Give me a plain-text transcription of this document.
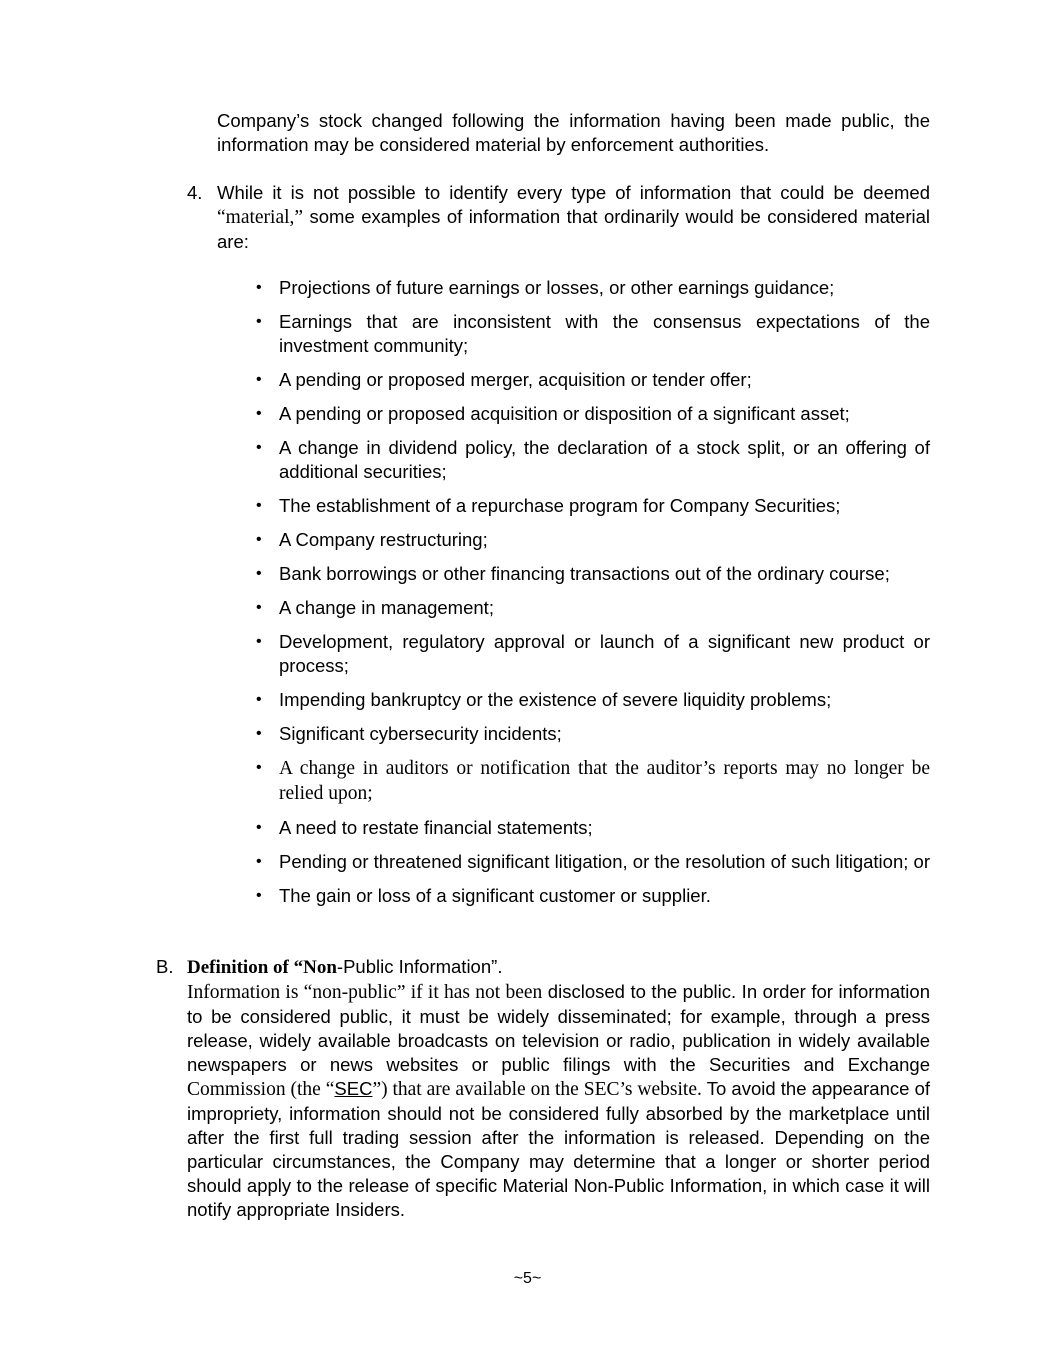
Company’s stock changed following the information having been made public, the information may be considered material by enforcement authorities.

4. While it is not possible to identify every type of information that could be deemed “material,” some examples of information that ordinarily would be considered material are:
• Projections of future earnings or losses, or other earnings guidance;
• Earnings that are inconsistent with the consensus expectations of the investment community;
• A pending or proposed merger, acquisition or tender offer;
• A pending or proposed acquisition or disposition of a significant asset;
• A change in dividend policy, the declaration of a stock split, or an offering of additional securities;
• The establishment of a repurchase program for Company Securities;
• A Company restructuring;
• Bank borrowings or other financing transactions out of the ordinary course;
• A change in management;
• Development, regulatory approval or launch of a significant new product or process;
• Impending bankruptcy or the existence of severe liquidity problems;
• Significant cybersecurity incidents;
• A change in auditors or notification that the auditor’s reports may no longer be relied upon;
• A need to restate financial statements;
• Pending or threatened significant litigation, or the resolution of such litigation; or
• The gain or loss of a significant customer or supplier.
B. Definition of “Non-Public Information”.
Information is “non-public” if it has not been disclosed to the public. In order for information to be considered public, it must be widely disseminated; for example, through a press release, widely available broadcasts on television or radio, publication in widely available newspapers or news websites or public filings with the Securities and Exchange Commission (the “SEC”) that are available on the SEC’s website. To avoid the appearance of impropriety, information should not be considered fully absorbed by the marketplace until after the first full trading session after the information is released. Depending on the particular circumstances, the Company may determine that a longer or shorter period should apply to the release of specific Material Non-Public Information, in which case it will notify appropriate Insiders.
~5~
